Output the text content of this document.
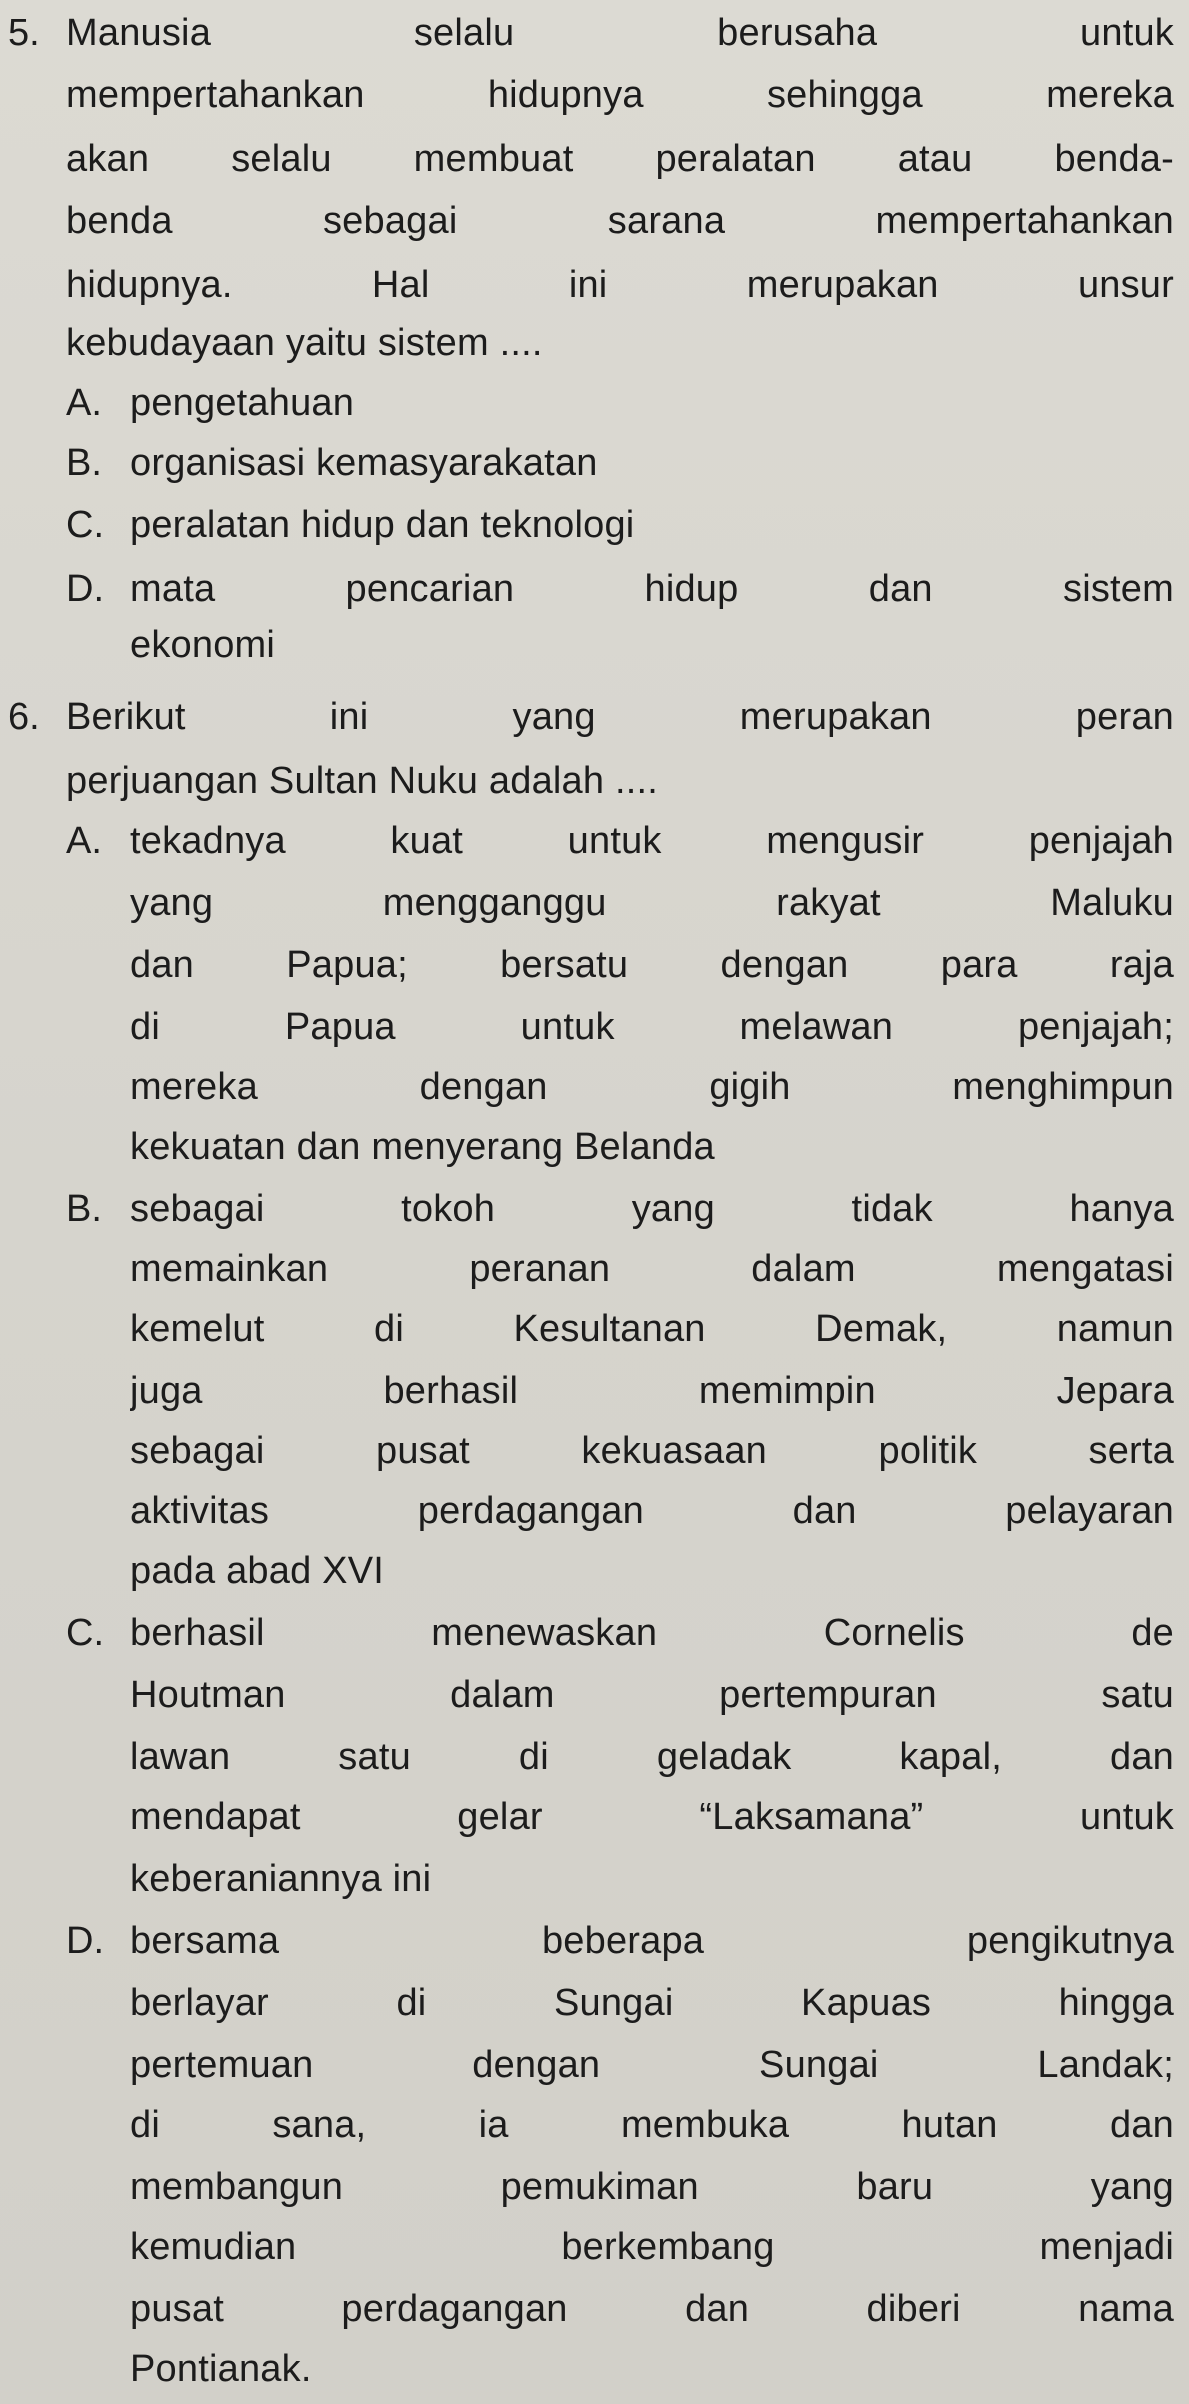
5. Manusia selalu berusaha untuk
mempertahankan hidupnya sehingga mereka
akan selalu membuat peralatan atau benda-
benda sebagai sarana mempertahankan
hidupnya. Hal ini merupakan unsur
kebudayaan yaitu sistem ....
A. pengetahuan
B. organisasi kemasyarakatan
C. peralatan hidup dan teknologi
D. mata pencarian hidup dan sistem
ekonomi
6. Berikut ini yang merupakan peran
perjuangan Sultan Nuku adalah ....
A. tekadnya kuat untuk mengusir penjajah
yang mengganggu rakyat Maluku
dan Papua; bersatu dengan para raja
di Papua untuk melawan penjajah;
mereka dengan gigih menghimpun
kekuatan dan menyerang Belanda
B. sebagai tokoh yang tidak hanya
memainkan peranan dalam mengatasi
kemelut di Kesultanan Demak, namun
juga berhasil memimpin Jepara
sebagai pusat kekuasaan politik serta
aktivitas perdagangan dan pelayaran
pada abad XVI
C. berhasil menewaskan Cornelis de
Houtman dalam pertempuran satu
lawan satu di geladak kapal, dan
mendapat gelar “Laksamana” untuk
keberaniannya ini
D. bersama beberapa pengikutnya
berlayar di Sungai Kapuas hingga
pertemuan dengan Sungai Landak;
di sana, ia membuka hutan dan
membangun pemukiman baru yang
kemudian berkembang menjadi
pusat perdagangan dan diberi nama
Pontianak.
